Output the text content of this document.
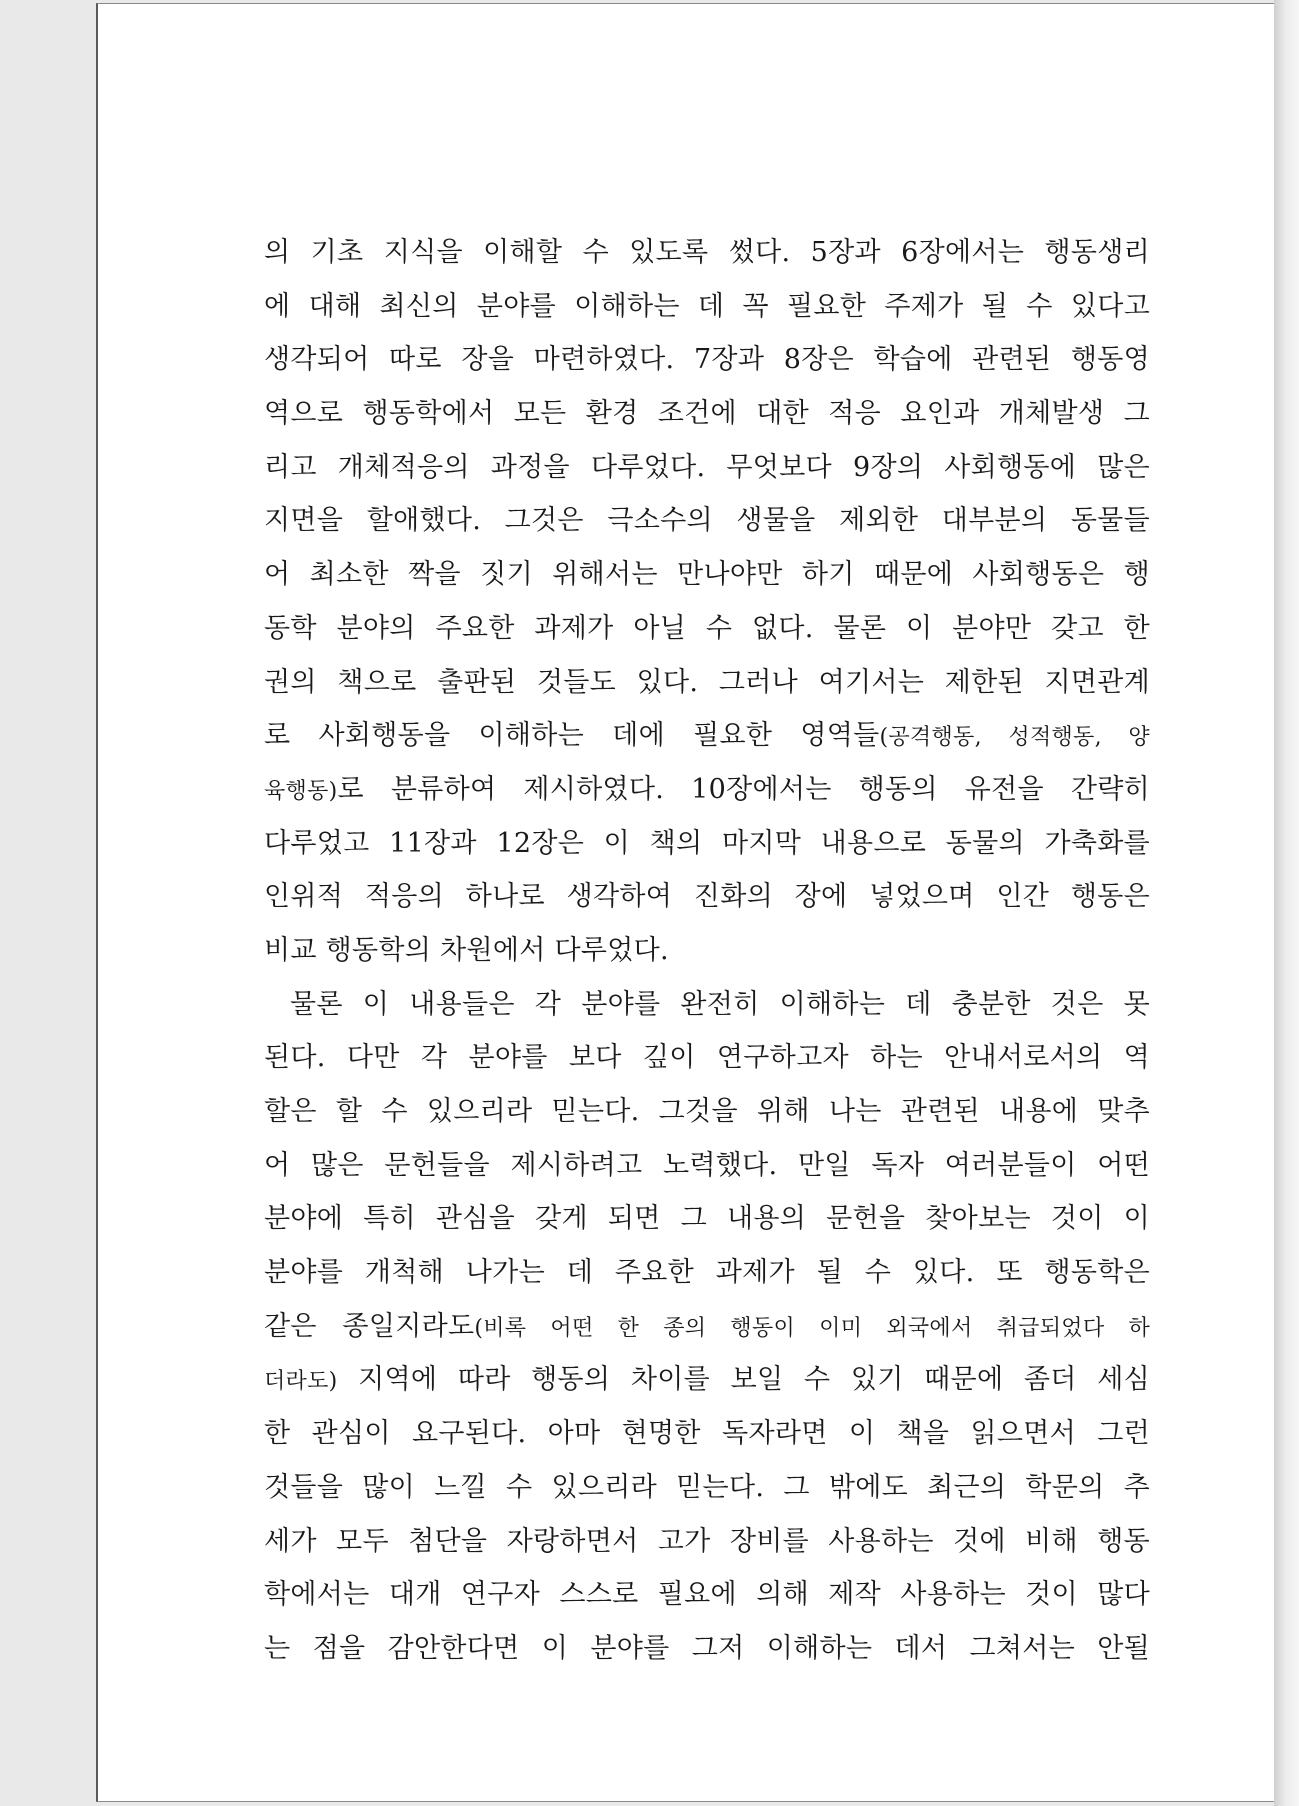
의 기초 지식을 이해할 수 있도록 썼다. 5장과 6장에서는 행동생리
에 대해 최신의 분야를 이해하는 데 꼭 필요한 주제가 될 수 있다고
생각되어 따로 장을 마련하였다. 7장과 8장은 학습에 관련된 행동영
역으로 행동학에서 모든 환경 조건에 대한 적응 요인과 개체발생 그
리고 개체적응의 과정을 다루었다. 무엇보다 9장의 사회행동에 많은
지면을 할애했다. 그것은 극소수의 생물을 제외한 대부분의 동물들
어 최소한 짝을 짓기 위해서는 만나야만 하기 때문에 사회행동은 행
동학 분야의 주요한 과제가 아닐 수 없다. 물론 이 분야만 갖고 한
권의 책으로 출판된 것들도 있다. 그러나 여기서는 제한된 지면관계
로 사회행동을 이해하는 데에 필요한 영역들(공격행동, 성적행동, 양
육행동)로 분류하여 제시하였다. 10장에서는 행동의 유전을 간략히
다루었고 11장과 12장은 이 책의 마지막 내용으로 동물의 가축화를
인위적 적응의 하나로 생각하여 진화의 장에 넣었으며 인간 행동은
비교 행동학의 차원에서 다루었다.
물론 이 내용들은 각 분야를 완전히 이해하는 데 충분한 것은 못
된다. 다만 각 분야를 보다 깊이 연구하고자 하는 안내서로서의 역
할은 할 수 있으리라 믿는다. 그것을 위해 나는 관련된 내용에 맞추
어 많은 문헌들을 제시하려고 노력했다. 만일 독자 여러분들이 어떤
분야에 특히 관심을 갖게 되면 그 내용의 문헌을 찾아보는 것이 이
분야를 개척해 나가는 데 주요한 과제가 될 수 있다. 또 행동학은
같은 종일지라도(비록 어떤 한 종의 행동이 이미 외국에서 취급되었다 하
더라도) 지역에 따라 행동의 차이를 보일 수 있기 때문에 좀더 세심
한 관심이 요구된다. 아마 현명한 독자라면 이 책을 읽으면서 그런
것들을 많이 느낄 수 있으리라 믿는다. 그 밖에도 최근의 학문의 추
세가 모두 첨단을 자랑하면서 고가 장비를 사용하는 것에 비해 행동
학에서는 대개 연구자 스스로 필요에 의해 제작 사용하는 것이 많다
는 점을 감안한다면 이 분야를 그저 이해하는 데서 그쳐서는 안될
